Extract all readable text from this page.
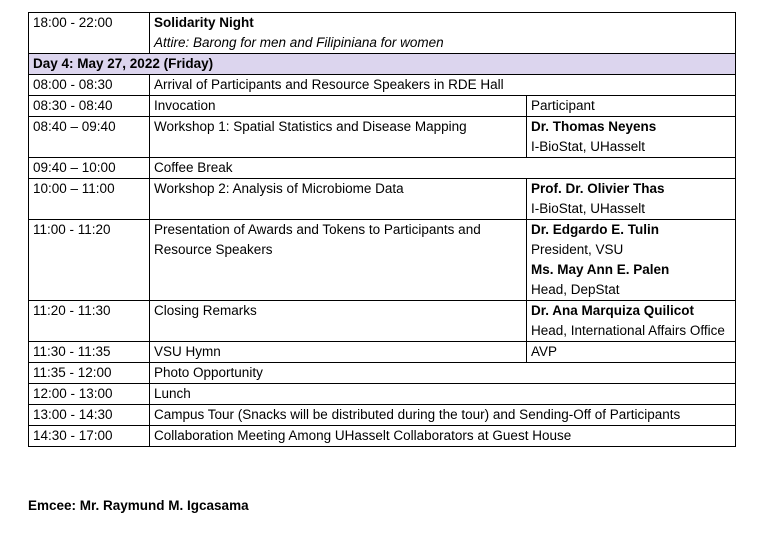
18:00 - 22:00	Solidarity Night
Attire: Barong for men and Filipiniana for women	

Day 4: May 27, 2022 (Friday)		
08:00 - 08:30	Arrival of Participants and Resource Speakers in RDE Hall	
08:30 - 08:40	Invocation	Participant
08:40 – 09:40	Workshop 1: Spatial Statistics and Disease Mapping	Dr. Thomas Neyens
I-BioStat, UHasselt

09:40 – 10:00	Coffee Break	
10:00 – 11:00	Workshop 2: Analysis of Microbiome Data	Prof. Dr. Olivier Thas
I-BioStat, UHasselt

11:00 - 11:20	Presentation of Awards and Tokens to Participants and Resource Speakers	Dr. Edgardo E. Tulin
President, VSU
Ms. May Ann E. Palen
Head, DepStat

11:20 - 11:30	Closing Remarks	Dr. Ana Marquiza Quilicot
Head, International Affairs Office

11:30 - 11:35	VSU Hymn	AVP
11:35 - 12:00	Photo Opportunity	
12:00 - 13:00	Lunch	
13:00 - 14:30	Campus Tour (Snacks will be distributed during the tour) and Sending-Off of Participants	
14:30 - 17:00	Collaboration Meeting Among UHasselt Collaborators at Guest House	
Emcee: Mr. Raymund M. Igcasama
